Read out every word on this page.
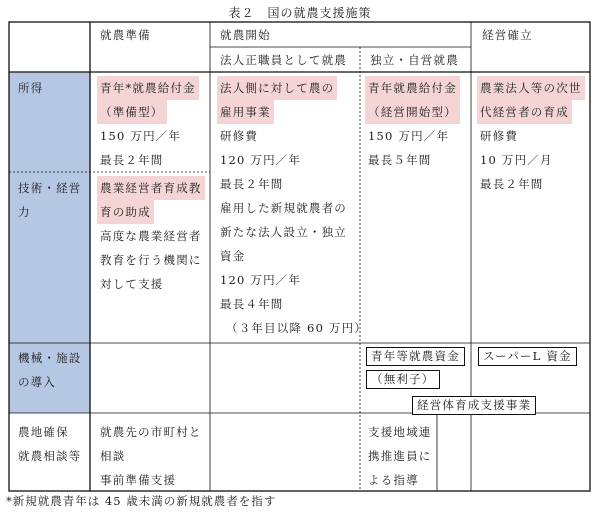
表２　国の就農支援施策
就農準備	就農開始	経営確立
法人正職員として就農 独立・自営就農
所得
技術・経営
力
機械・施設
の導入
農地確保
就農相談等
青年*就農給付金
（準備型）
150 万円／年
最長２年間
農業経営者育成教
育の助成
高度な農業経営者
教育を行う機関に
対して支援
就農先の市町村と
相談
事前準備支援
法人側に対して農の
雇用事業
研修費
120 万円／年
最長２年間
雇用した新規就農者の
新たな法人設立・独立
資金
120 万円／年
最長４年間
（３年目以降 60 万円）
青年就農給付金
（経営開始型）
150 万円／年
最長５年間
青年等就農資金
（無利子）
支援地域連
携推進員に
よる指導
農業法人等の次世
代経営者の育成
研修費
10 万円／月
最長２年間
スーパーL 資金
経営体育成支援事業
*新規就農青年は 45 歳未満の新規就農者を指す
